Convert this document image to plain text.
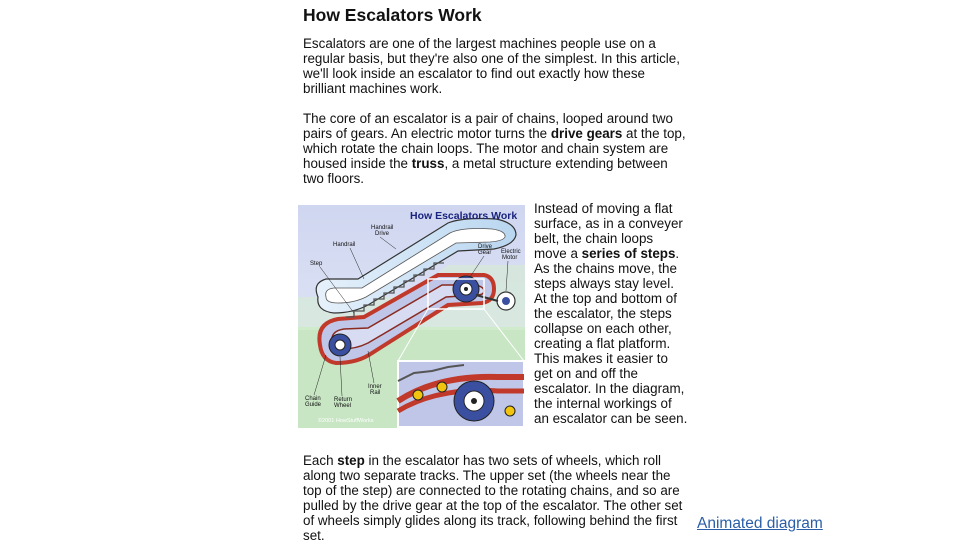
How Escalators Work

Escalators are one of the largest machines people use on a regular basis, but they're also one of the simplest. In this article, we'll look inside an escalator to find out exactly how these brilliant machines work.

The core of an escalator is a pair of chains, looped around two pairs of gears. An electric motor turns the drive gears at the top, which rotate the chain loops. The motor and chain system are housed inside the truss, a metal structure extending between two floors.

How Escalators Work
Handrail
Drive
Handrail
Step
Drive
Gear Electric
Motor
Chain
Guide
Return
Wheel
Inner
Rail
©2001 HowStuffWorks

Instead of moving a flat surface, as in a conveyer belt, the chain loops move a series of steps. As the chains move, the steps always stay level. At the top and bottom of the escalator, the steps collapse on each other, creating a flat platform. This makes it easier to get on and off the escalator. In the diagram, the internal workings of an escalator can be seen.

Each step in the escalator has two sets of wheels, which roll along two separate tracks. The upper set (the wheels near the top of the step) are connected to the rotating chains, and so are pulled by the drive gear at the top of the escalator. The other set of wheels simply glides along its track, following behind the first set.

Animated diagram
